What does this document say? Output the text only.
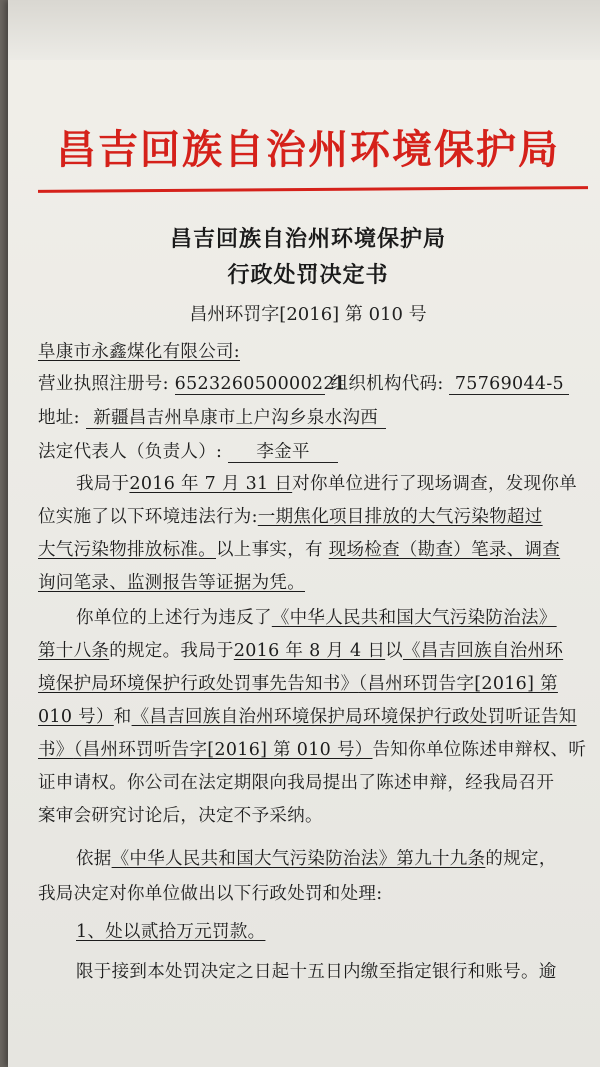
昌吉回族自治州环境保护局
昌吉回族自治州环境保护局
行政处罚决定书
昌州环罚字[2016] 第 010 号
阜康市永鑫煤化有限公司:
营业执照注册号: 652326050000221 组织机构代码: 75769044-5
地址: 新疆昌吉州阜康市上户沟乡泉水沟西
法定代表人（负责人）: 李金平
我局于2016 年 7 月 31 日对你单位进行了现场调查，发现你单
位实施了以下环境违法行为:一期焦化项目排放的大气污染物超过
大气污染物排放标准。以上事实，有 现场检查（勘查）笔录、调查
询问笔录、监测报告等证据为凭。
你单位的上述行为违反了《中华人民共和国大气污染防治法》
第十八条的规定。我局于2016 年 8 月 4 日以《昌吉回族自治州环
境保护局环境保护行政处罚事先告知书》（昌州环罚告字[2016] 第
010 号）和《昌吉回族自治州环境保护局环境保护行政处罚听证告知
书》（昌州环罚听告字[2016] 第 010 号）告知你单位陈述申辩权、听
证申请权。你公司在法定期限向我局提出了陈述申辩，经我局召开
案审会研究讨论后，决定不予采纳。
依据《中华人民共和国大气污染防治法》第九十九条的规定，
我局决定对你单位做出以下行政处罚和处理:
1、处以贰拾万元罚款。
限于接到本处罚决定之日起十五日内缴至指定银行和账号。逾
